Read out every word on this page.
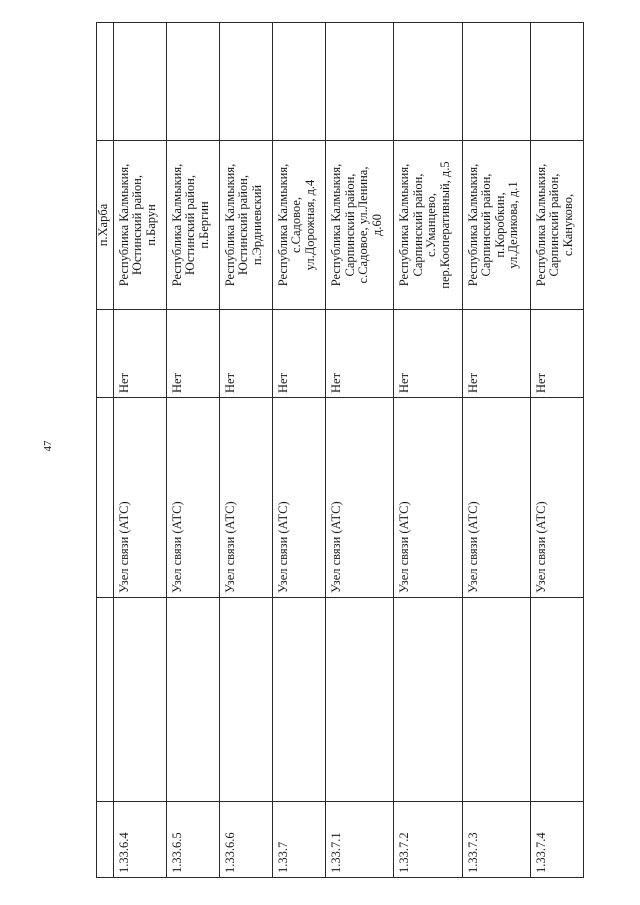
47

				п.Харба	

1.33.6.4		Узел связи (АТС)	Нет	Республика Калмыкия, Юстинский район, п.Барун	

1.33.6.5		Узел связи (АТС)	Нет	Республика Калмыкия, Юстинский район, п.Бергин	

1.33.6.6		Узел связи (АТС)	Нет	Республика Калмыкия, Юстинский район, п.Эрдниевский	

1.33.7		Узел связи (АТС)	Нет	Республика Калмыкия, с.Садовое, ул.Дорожная, д.4	

1.33.7.1		Узел связи (АТС)	Нет	Республика Калмыкия, Сарпинский район, с.Садовое, ул.Ленина, д.60	

1.33.7.2		Узел связи (АТС)	Нет	Республика Калмыкия, Сарпинский район, с.Уманцево, пер.Кооперативный, д.5	

1.33.7.3		Узел связи (АТС)	Нет	Республика Калмыкия, Сарпинский район, п.Коробкин, ул.Деликова, д.1	

1.33.7.4		Узел связи (АТС)	Нет	Республика Калмыкия, Сарпинский район, с.Кануково,	
